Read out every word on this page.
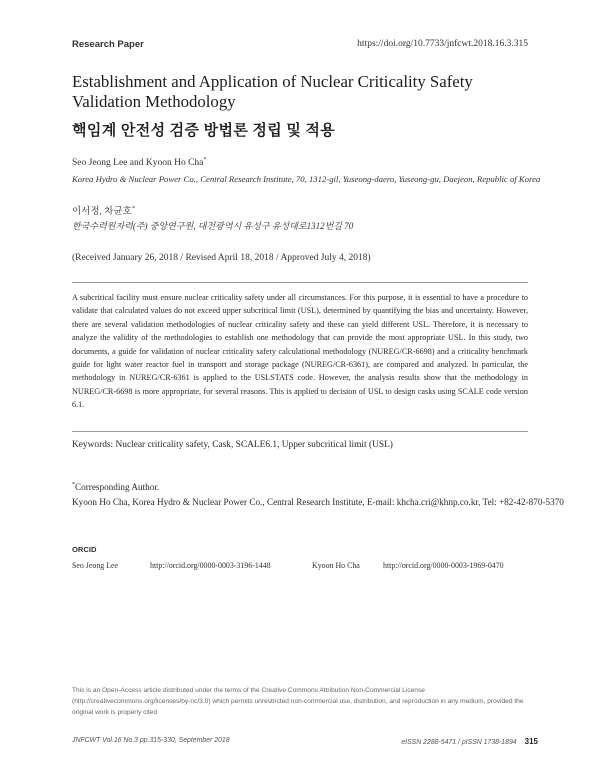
Research Paper	https://doi.org/10.7733/jnfcwt.2018.16.3.315
Establishment and Application of Nuclear Criticality Safety Validation Methodology
핵임계 안전성 검증 방법론 정립 및 적용
Seo Jeong Lee and Kyoon Ho Cha*
Korea Hydro & Nuclear Power Co., Central Research Institute, 70, 1312-gil, Yuseong-daero, Yuseong-gu, Daejeon, Republic of Korea
이서정, 차균호*
한국수력원자력(주) 중앙연구원, 대전광역시 유성구 유성대로1312번길 70
(Received January 26, 2018 / Revised April 18, 2018 / Approved July 4, 2018)
A subcritical facility must ensure nuclear criticality safety under all circumstances. For this purpose, it is essential to have a procedure to validate that calculated values do not exceed upper subcritical limit (USL), determined by quantifying the bias and uncertainty. However, there are several validation methodologies of nuclear criticality safety and these can yield different USL. Therefore, it is necessary to analyze the validity of the methodologies to establish one methodology that can provide the most appropriate USL. In this study, two documents, a guide for validation of nuclear criticality safety calculational methodology (NUREG/CR-6698) and a criticality benchmark guide for light water reactor fuel in transport and storage package (NUREG/CR-6361), are compared and analyzed. In particular, the methodology in NUREG/CR-6361 is applied to the USLSTATS code. However, the analysis results show that the methodology in NUREG/CR-6698 is more appropriate, for several reasons. This is applied to decision of USL to design casks using SCALE code version 6.1.
Keywords: Nuclear criticality safety, Cask, SCALE6.1, Upper subcritical limit (USL)
*Corresponding Author.
Kyoon Ho Cha, Korea Hydro & Nuclear Power Co., Central Research Institute, E-mail: khcha.cri@khnp.co.kr, Tel: +82-42-870-5370
ORCID
Seo Jeong Lee	http://orcid.org/0000-0003-3196-1448	Kyoon Ho Cha	http://orcid.org/0000-0003-1969-0470
This is an Open-Access article distributed under the terms of the Creative Commons Attribution Non-Commercial License (http://creativecommons.org/licenses/by-nc/3.0) which permits unrestricted non-commercial use, distribution, and reproduction in any medium, provided the original work is properly cited
JNFCWT Vol.16 No.3 pp.315-330, September 2018	eISSN 2288-5471 / pISSN 1738-1894 315
